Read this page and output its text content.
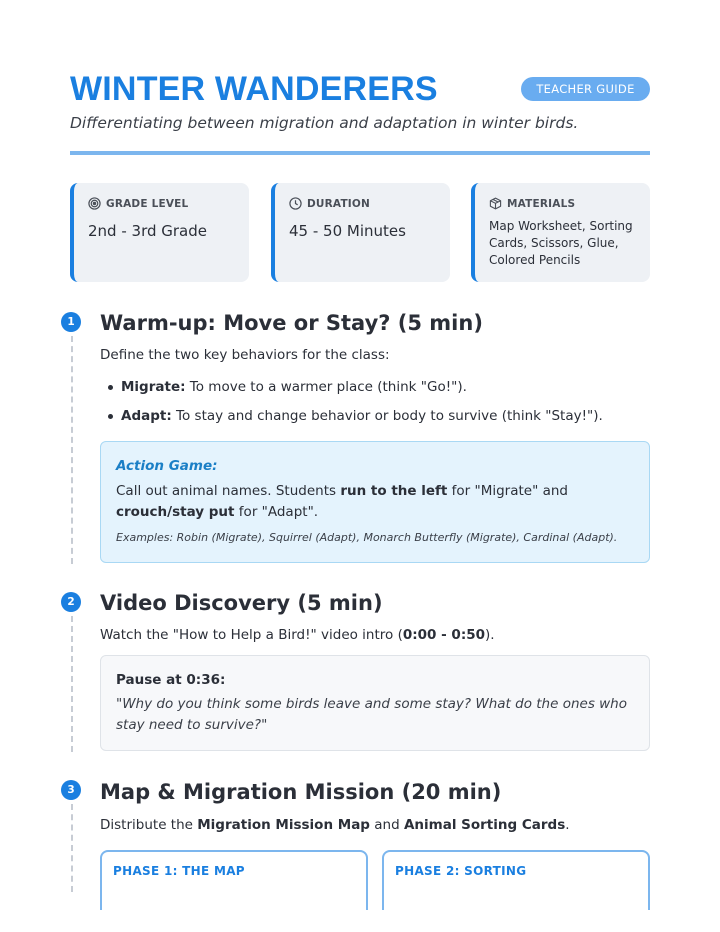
WINTER WANDERERS	TEACHER GUIDE
Differentiating between migration and adaptation in winter birds.
GRADE LEVEL
2nd - 3rd Grade
DURATION
45 - 50 Minutes
MATERIALS
Map Worksheet, Sorting Cards, Scissors, Glue, Colored Pencils
1	Warm-up: Move or Stay? (5 min)
Define the two key behaviors for the class:
Migrate: To move to a warmer place (think "Go!").
Adapt: To stay and change behavior or body to survive (think "Stay!").
Action Game:
Call out animal names. Students run to the left for "Migrate" and crouch/stay put for "Adapt".
Examples: Robin (Migrate), Squirrel (Adapt), Monarch Butterfly (Migrate), Cardinal (Adapt).
2	Video Discovery (5 min)
Watch the "How to Help a Bird!" video intro (0:00 - 0:50).
Pause at 0:36:
"Why do you think some birds leave and some stay? What do the ones who stay need to survive?"
3	Map & Migration Mission (20 min)
Distribute the Migration Mission Map and Animal Sorting Cards.
PHASE 1: THE MAP	PHASE 2: SORTING
